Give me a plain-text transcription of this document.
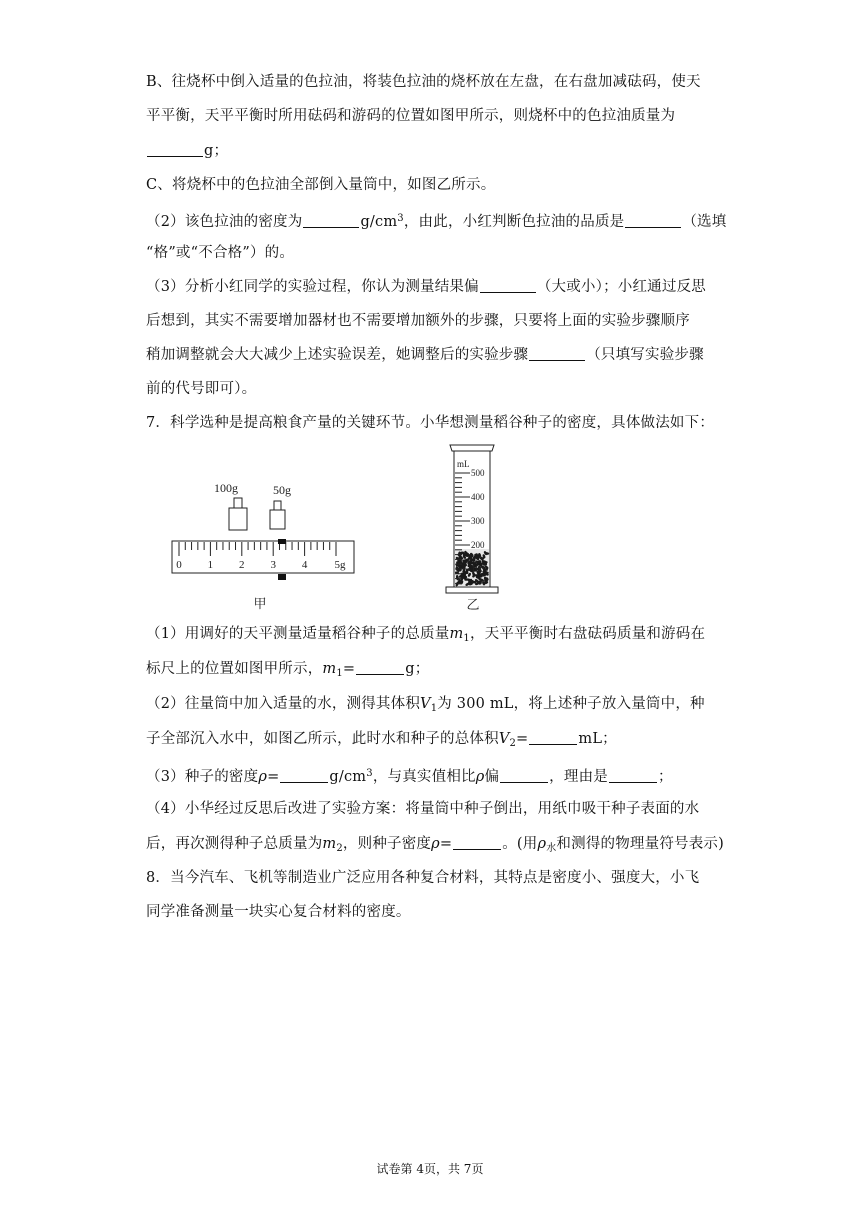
B、往烧杯中倒入适量的色拉油，将装色拉油的烧杯放在左盘，在右盘加减砝码，使天
平平衡，天平平衡时所用砝码和游码的位置如图甲所示，则烧杯中的色拉油质量为
g；
C、将烧杯中的色拉油全部倒入量筒中，如图乙所示。
（2）该色拉油的密度为	$g/cm^3$，由此，小红判断色拉油的品质是	（选填
“格”或“不合格”）的。
（3）分析小红同学的实验过程，你认为测量结果偏	（大或小）；小红通过反思
后想到，其实不需要增加器材也不需要增加额外的步骤，只要将上面的实验步骤顺序
稍加调整就会大大减少上述实验误差，她调整后的实验步骤	（只填写实验步骤
前的代号即可）。
7．科学选种是提高粮食产量的关键环节。小华想测量稻谷种子的密度，具体做法如下：
100g	50g
0 1 2 3 4 5g
甲
mL
500
400
300
200
100
乙
（1）用调好的天平测量适量稻谷种子的总质量$m_1$，天平平衡时右盘砝码质量和游码在
标尺上的位置如图甲所示，$m_1=$	g；
（2）往量筒中加入适量的水，测得其体积$V_1$为 300 mL，将上述种子放入量筒中，种
子全部沉入水中，如图乙所示，此时水和种子的总体积$V_2=$	mL；
（3）种子的密度ρ=	$g/cm^3$，与真实值相比ρ偏	，理由是	；
（4）小华经过反思后改进了实验方案：将量筒中种子倒出，用纸巾吸干种子表面的水
后，再次测得种子总质量为$m_2$，则种子密度ρ=	。(用$\rho_水$和测得的物理量符号表示)
8．当今汽车、飞机等制造业广泛应用各种复合材料，其特点是密度小、强度大，小飞
同学准备测量一块实心复合材料的密度。
试卷第 4页，共 7页
